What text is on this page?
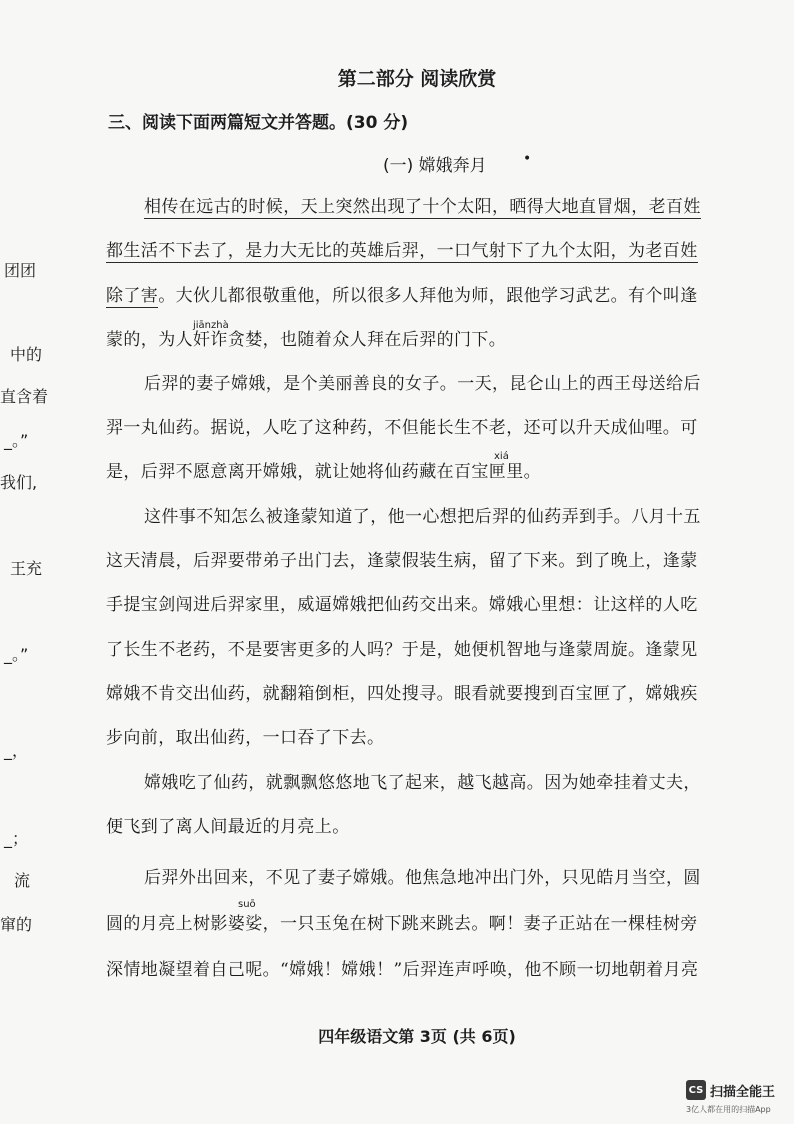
团团
中的
直含着
_。”
我们,
王充
_。”
_，
_；
流
窜的
第二部分 阅读欣赏
三、阅读下面两篇短文并答题。(30 分)
(一) 嫦娥奔月	•
相传在远古的时候，天上突然出现了十个太阳，晒得大地直冒烟，老百姓
都生活不下去了，是力大无比的英雄后羿，一口气射下了九个太阳，为老百姓
除了害。大伙儿都很敬重他，所以很多人拜他为师，跟他学习武艺。有个叫逢
蒙的，为人
jiānzhà
奸诈贪婪，也随着众人拜在后羿的门下。
后羿的妻子嫦娥，是个美丽善良的女子。一天，昆仑山上的西王母送给后
羿一丸仙药。据说，人吃了这种药，不但能长生不老，还可以升天成仙哩。可
是，后羿不愿意离开嫦娥，就让她将仙药藏在百宝匣里。
xiá
这件事不知怎么被逢蒙知道了，他一心想把后羿的仙药弄到手。八月十五
这天清晨，后羿要带弟子出门去，逢蒙假装生病，留了下来。到了晚上，逢蒙
手提宝剑闯进后羿家里，威逼嫦娥把仙药交出来。嫦娥心里想：让这样的人吃
了长生不老药，不是要害更多的人吗？于是，她便机智地与逢蒙周旋。逢蒙见
嫦娥不肯交出仙药，就翻箱倒柜，四处搜寻。眼看就要搜到百宝匣了，嫦娥疾
步向前，取出仙药，一口吞了下去。
嫦娥吃了仙药，就飘飘悠悠地飞了起来，越飞越高。因为她牵挂着丈夫，
便飞到了离人间最近的月亮上。
后羿外出回来，不见了妻子嫦娥。他焦急地冲出门外，只见皓月当空，圆
suō
圆的月亮上树影婆娑，一只玉兔在树下跳来跳去。啊！妻子正站在一棵桂树旁
深情地凝望着自己呢。“嫦娥！嫦娥！”后羿连声呼唤，他不顾一切地朝着月亮
四年级语文第 3页 (共 6页)
CS 扫描全能王
3亿人都在用的扫描App
